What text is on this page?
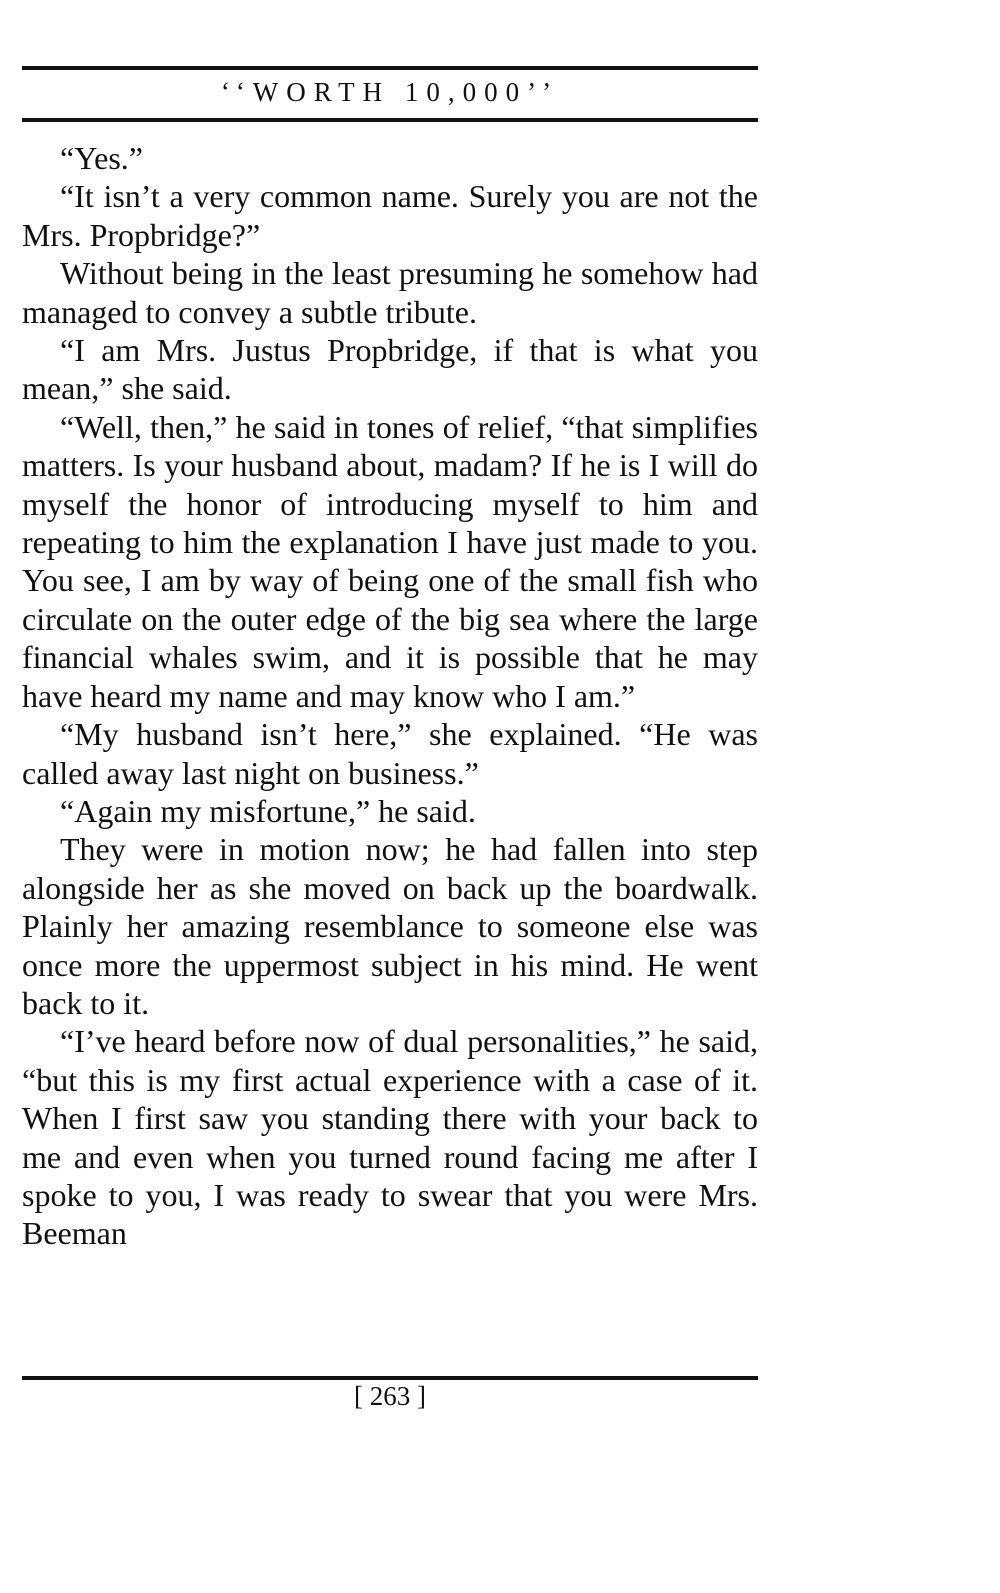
‘‘WORTH 10,000’’

“Yes.”

“It isn’t a very common name. Surely you are not the Mrs. Propbridge?”

Without being in the least presuming he somehow had managed to convey a subtle tribute.

“I am Mrs. Justus Propbridge, if that is what you mean,” she said.

“Well, then,” he said in tones of relief, “that simplifies matters. Is your husband about, madam? If he is I will do myself the honor of introducing myself to him and repeating to him the explanation I have just made to you. You see, I am by way of being one of the small fish who circulate on the outer edge of the big sea where the large financial whales swim, and it is possible that he may have heard my name and may know who I am.”

“My husband isn’t here,” she explained. “He was called away last night on business.”

“Again my misfortune,” he said.

They were in motion now; he had fallen into step alongside her as she moved on back up the boardwalk. Plainly her amazing resemblance to someone else was once more the uppermost subject in his mind. He went back to it.

“I’ve heard before now of dual personalities,” he said, “but this is my first actual experience with a case of it. When I first saw you standing there with your back to me and even when you turned round facing me after I spoke to you, I was ready to swear that you were Mrs. Beeman

[ 263 ]
